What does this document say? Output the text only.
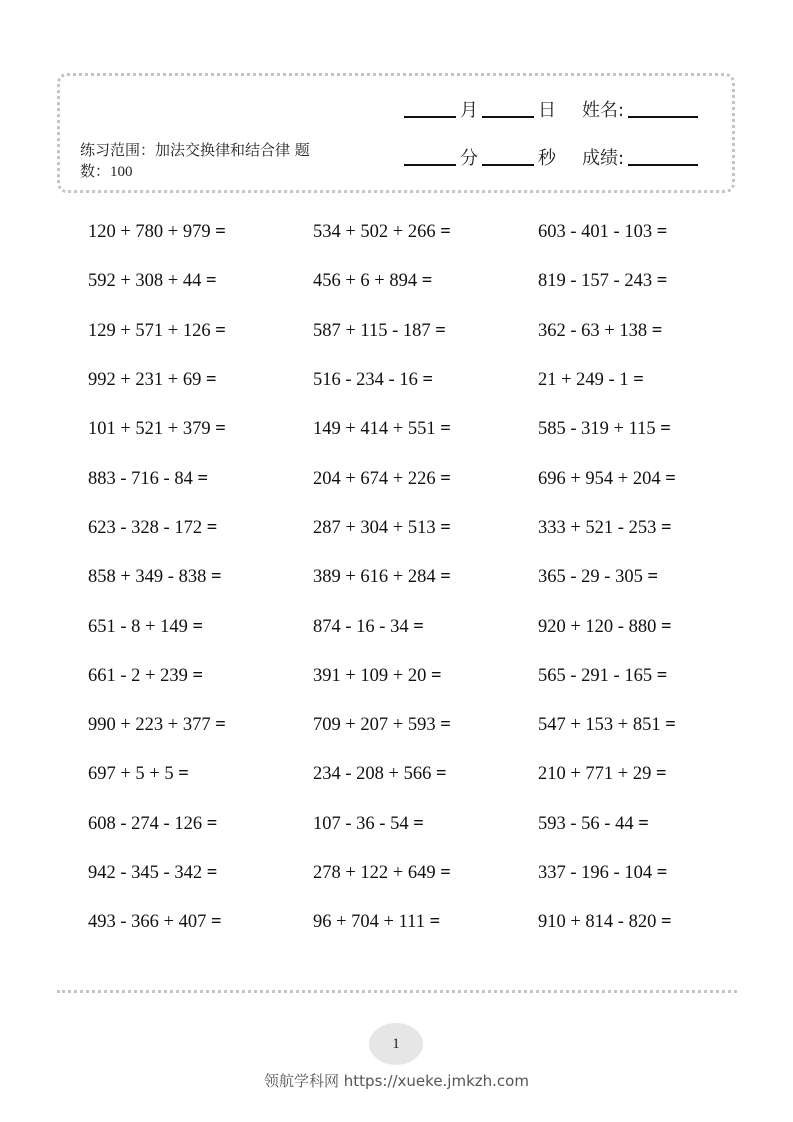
练习范围：加法交换律和结合律 题数：100
月	日 姓名:
分	秒 成绩:
120 + 780 + 979 =	534 + 502 + 266 =	603 - 401 - 103 =
592 + 308 + 44 =	456 + 6 + 894 =	819 - 157 - 243 =
129 + 571 + 126 =	587 + 115 - 187 =	362 - 63 + 138 =
992 + 231 + 69 =	516 - 234 - 16 =	21 + 249 - 1 =
101 + 521 + 379 =	149 + 414 + 551 =	585 - 319 + 115 =
883 - 716 - 84 =	204 + 674 + 226 =	696 + 954 + 204 =
623 - 328 - 172 =	287 + 304 + 513 =	333 + 521 - 253 =
858 + 349 - 838 =	389 + 616 + 284 =	365 - 29 - 305 =
651 - 8 + 149 =	874 - 16 - 34 =	920 + 120 - 880 =
661 - 2 + 239 =	391 + 109 + 20 =	565 - 291 - 165 =
990 + 223 + 377 =	709 + 207 + 593 =	547 + 153 + 851 =
697 + 5 + 5 =	234 - 208 + 566 =	210 + 771 + 29 =
608 - 274 - 126 =	107 - 36 - 54 =	593 - 56 - 44 =
942 - 345 - 342 =	278 + 122 + 649 =	337 - 196 - 104 =
493 - 366 + 407 =	96 + 704 + 111 =	910 + 814 - 820 =
1
领航学科网 https://xueke.jmkzh.com
